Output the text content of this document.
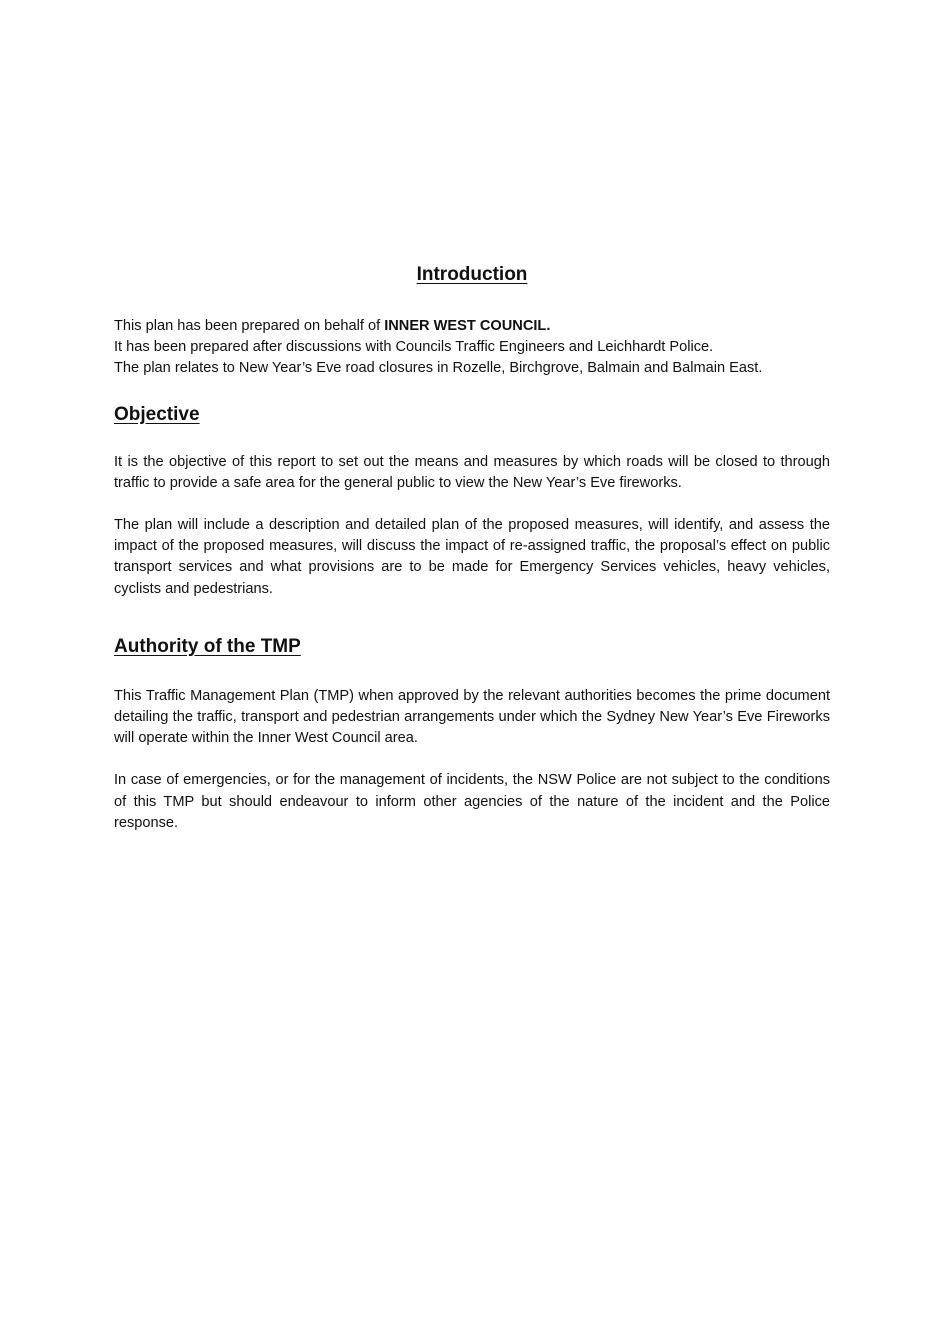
Introduction

This plan has been prepared on behalf of INNER WEST COUNCIL.
It has been prepared after discussions with Councils Traffic Engineers and Leichhardt Police.
The plan relates to New Year’s Eve road closures in Rozelle, Birchgrove, Balmain and Balmain East.

Objective

It is the objective of this report to set out the means and measures by which roads will be closed to through traffic to provide a safe area for the general public to view the New Year’s Eve fireworks.

The plan will include a description and detailed plan of the proposed measures, will identify, and assess the impact of the proposed measures, will discuss the impact of re-assigned traffic, the proposal’s effect on public transport services and what provisions are to be made for Emergency Services vehicles, heavy vehicles, cyclists and pedestrians.

Authority of the TMP

This Traffic Management Plan (TMP) when approved by the relevant authorities becomes the prime document detailing the traffic, transport and pedestrian arrangements under which the Sydney New Year’s Eve Fireworks will operate within the Inner West Council area.

In case of emergencies, or for the management of incidents, the NSW Police are not subject to the conditions of this TMP but should endeavour to inform other agencies of the nature of the incident and the Police response.
